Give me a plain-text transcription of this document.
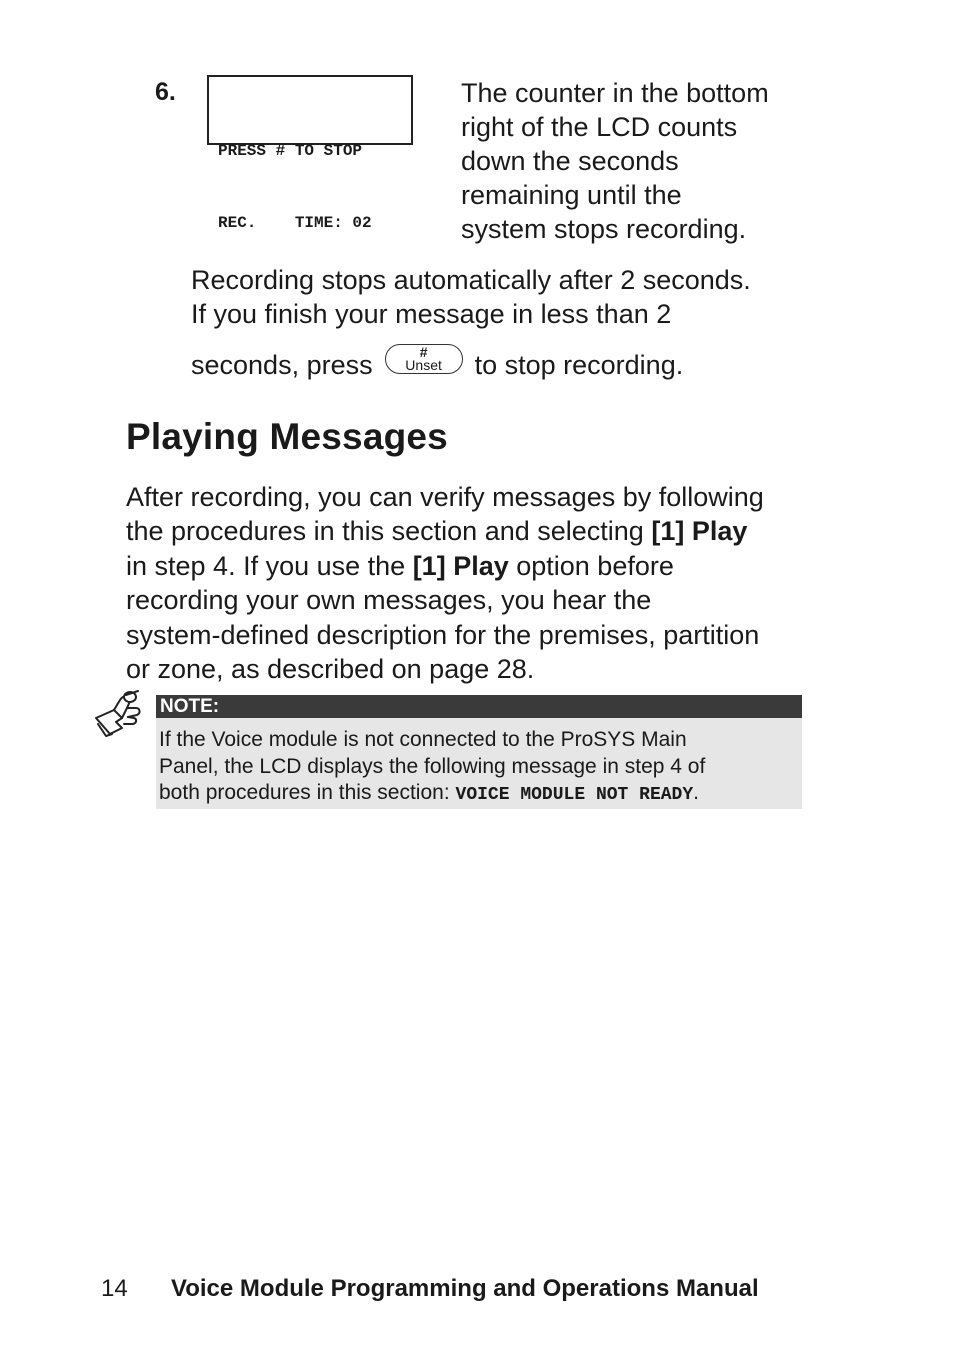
6.

PRESS # TO STOP

REC.    TIME: 02

The counter in the bottom
right of the LCD counts
down the seconds
remaining until the
system stops recording.
Recording stops automatically after 2 seconds.
If you finish your message in less than 2
seconds, press	#
Unset to stop recording.
Playing Messages
After recording, you can verify messages by following
the procedures in this section and selecting [1] Play
in step 4. If you use the [1] Play option before
recording your own messages, you hear the
system-defined description for the premises, partition
or zone, as described on page 28.
NOTE:
If the Voice module is not connected to the ProSYS Main
Panel, the LCD displays the following message in step 4 of
both procedures in this section: VOICE MODULE NOT READY.
14 Voice Module Programming and Operations Manual
